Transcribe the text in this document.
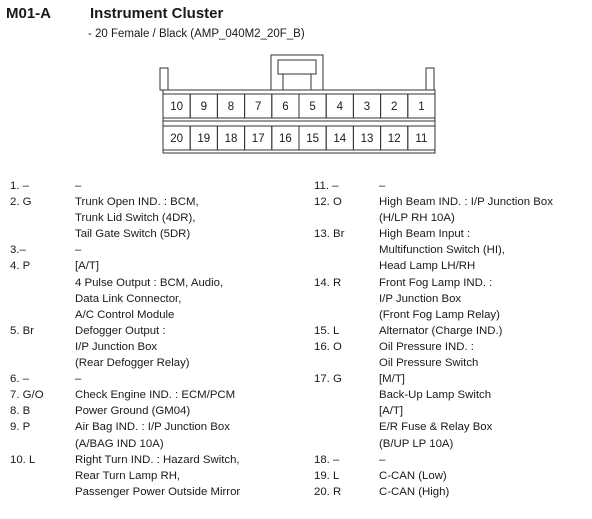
M01-A	Instrument Cluster
- 20 Female / Black (AMP_040M2_20F_B)
10 9 8 7 6 5 4 3 2 1
20 19 18 17 16 15 14 13 12 11
1. –	–
2. G	Trunk Open IND. : BCM,
Trunk Lid Switch (4DR),
Tail Gate Switch (5DR)
3.–	–
4. P	[A/T]
4 Pulse Output : BCM, Audio,
Data Link Connector,
A/C Control Module
5. Br	Defogger Output :
I/P Junction Box
(Rear Defogger Relay)
6. –	–
7. G/O	Check Engine IND. : ECM/PCM
8. B	Power Ground (GM04)
9. P	Air Bag IND. : I/P Junction Box
(A/BAG IND 10A)
10. L	Right Turn IND. : Hazard Switch,
Rear Turn Lamp RH,
Passenger Power Outside Mirror
11. –	–
12. O	High Beam IND. : I/P Junction Box
(H/LP RH 10A)
13. Br	High Beam Input :
Multifunction Switch (HI),
Head Lamp LH/RH
14. R	Front Fog Lamp IND. :
I/P Junction Box
(Front Fog Lamp Relay)
15. L	Alternator (Charge IND.)
16. O	Oil Pressure IND. :
Oil Pressure Switch
17. G	[M/T]
Back-Up Lamp Switch
[A/T]
E/R Fuse & Relay Box
(B/UP LP 10A)
18. –	–
19. L	C-CAN (Low)
20. R	C-CAN (High)
